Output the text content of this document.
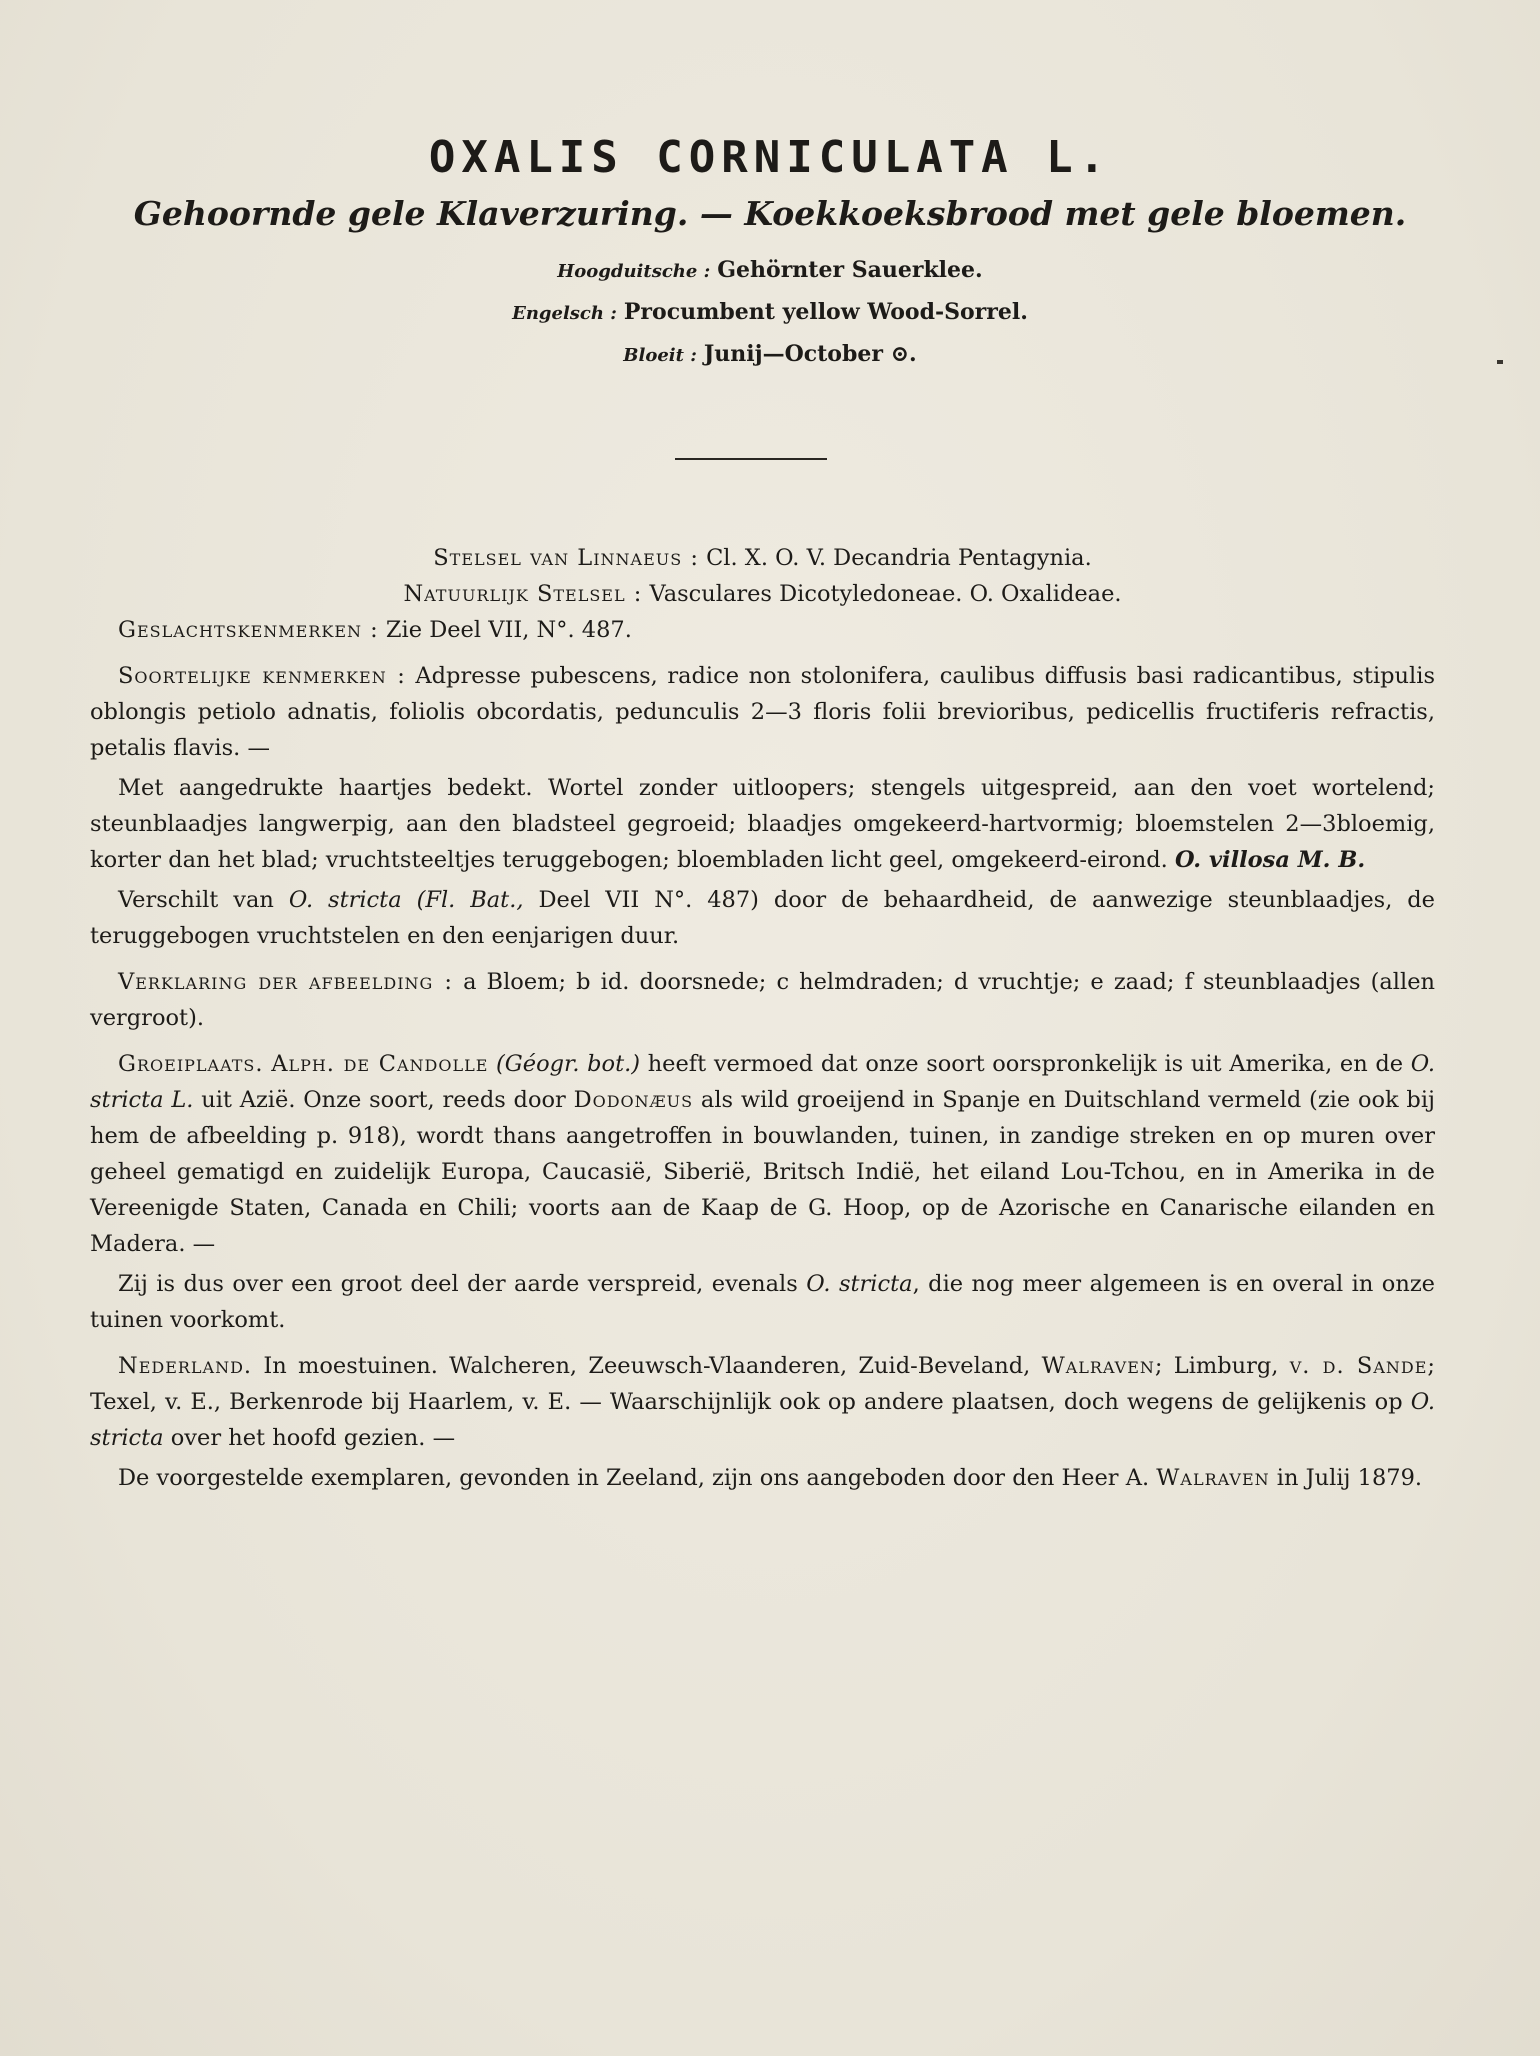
OXALIS CORNICULATA L.
Gehoornde gele Klaverzuring. — Koekkoeksbrood met gele bloemen.
Hoogduitsche : Gehörnter Sauerklee.
Engelsch : Procumbent yellow Wood-Sorrel.
Bloeit : Junij—October ⊙.

Stelsel van Linnaeus : Cl. X. O. V. Decandria Pentagynia.

Natuurlijk Stelsel : Vasculares Dicotyledoneae. O. Oxalideae.

Geslachtskenmerken : Zie Deel VII, N°. 487.

Soortelijke kenmerken : Adpresse pubescens, radice non stolonifera, caulibus diffusis basi radicantibus, stipulis oblongis petiolo adnatis, foliolis obcordatis, pedunculis 2—3 floris folii brevioribus, pedicellis fructiferis refractis, petalis flavis. —

Met aangedrukte haartjes bedekt. Wortel zonder uitloopers; stengels uitgespreid, aan den voet wortelend; steunblaadjes langwerpig, aan den bladsteel gegroeid; blaadjes omgekeerd-hartvormig; bloemstelen 2—3bloemig, korter dan het blad; vruchtsteeltjes teruggebogen; bloembladen licht geel, omgekeerd-eirond. O. villosa M. B.

Verschilt van O. stricta (Fl. Bat., Deel VII N°. 487) door de behaardheid, de aanwezige steunblaadjes, de teruggebogen vruchtstelen en den eenjarigen duur.

Verklaring der afbeelding : a Bloem; b id. doorsnede; c helmdraden; d vruchtje; e zaad; f steunblaadjes (allen vergroot).

Groeiplaats. Alph. de Candolle (Géogr. bot.) heeft vermoed dat onze soort oorspronkelijk is uit Amerika, en de O. stricta L. uit Azië. Onze soort, reeds door Dodonæus als wild groeijend in Spanje en Duitschland vermeld (zie ook bij hem de afbeelding p. 918), wordt thans aangetroffen in bouwlanden, tuinen, in zandige streken en op muren over geheel gematigd en zuidelijk Europa, Caucasië, Siberië, Britsch Indië, het eiland Lou-Tchou, en in Amerika in de Vereenigde Staten, Canada en Chili; voorts aan de Kaap de G. Hoop, op de Azorische en Canarische eilanden en Madera. —

Zij is dus over een groot deel der aarde verspreid, evenals O. stricta, die nog meer algemeen is en overal in onze tuinen voorkomt.

Nederland. In moestuinen. Walcheren, Zeeuwsch-Vlaanderen, Zuid-Beveland, Walraven; Limburg, v. d. Sande; Texel, v. E., Berkenrode bij Haarlem, v. E. — Waarschijnlijk ook op andere plaatsen, doch wegens de gelijkenis op O. stricta over het hoofd gezien. —

De voorgestelde exemplaren, gevonden in Zeeland, zijn ons aangeboden door den Heer A. Walraven in Julij 1879.
